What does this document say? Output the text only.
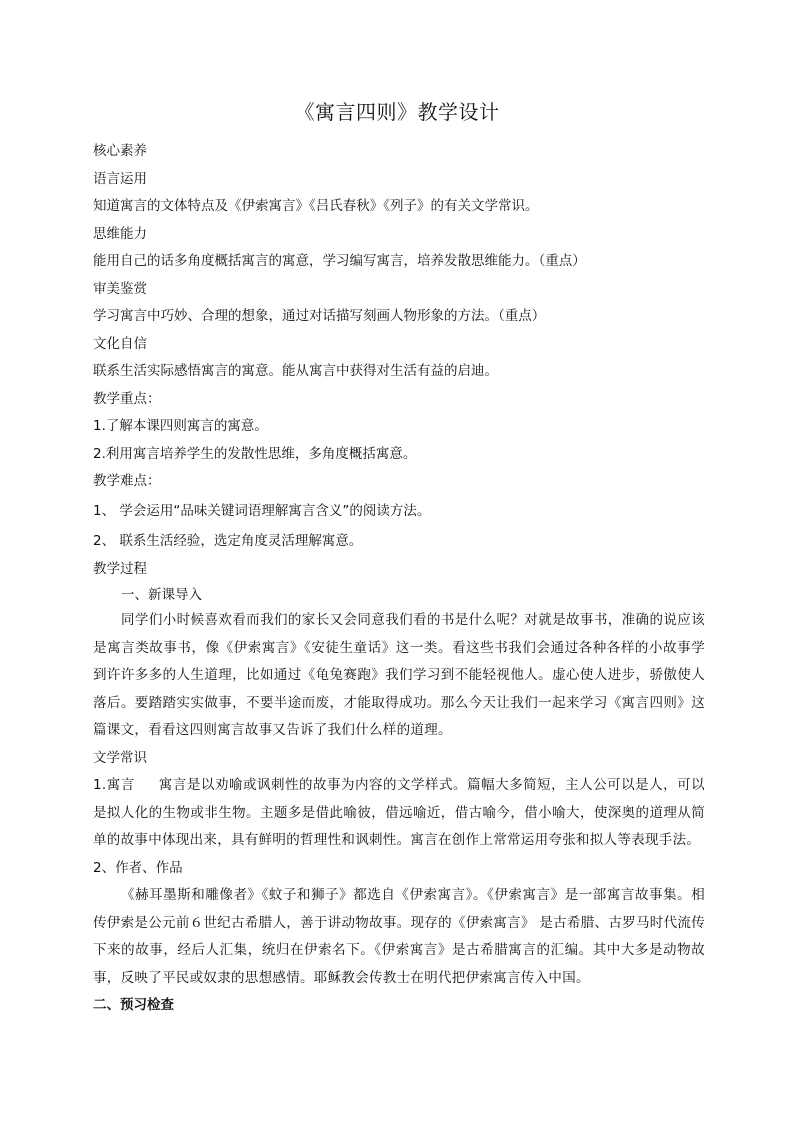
《寓言四则》教学设计
核心素养
语言运用
知道寓言的文体特点及《伊索寓言》《吕氏春秋》《列子》的有关文学常识。
思维能力
能用自己的话多角度概括寓言的寓意，学习编写寓言，培养发散思维能力。（重点）
审美鉴赏
学习寓言中巧妙、合理的想象，通过对话描写刻画人物形象的方法。（重点）
文化自信
联系生活实际感悟寓言的寓意。能从寓言中获得对生活有益的启迪。
教学重点：
1.了解本课四则寓言的寓意。
2.利用寓言培养学生的发散性思维，多角度概括寓意。
教学难点：
1、 学会运用“品味关键词语理解寓言含义”的阅读方法。
2、 联系生活经验，选定角度灵活理解寓意。
教学过程
一、新课导入
同学们小时候喜欢看而我们的家长又会同意我们看的书是什么呢？对就是故事书，准确的说应该是寓言类故事书，像《伊索寓言》《安徒生童话》这一类。看这些书我们会通过各种各样的小故事学到许许多多的人生道理，比如通过《龟兔赛跑》我们学习到不能轻视他人。虚心使人进步，骄傲使人落后。要踏踏实实做事，不要半途而废，才能取得成功。那么今天让我们一起来学习《寓言四则》这篇课文，看看这四则寓言故事又告诉了我们什么样的道理。
文学常识
1.寓言 寓言是以劝喻或讽刺性的故事为内容的文学样式。篇幅大多简短，主人公可以是人，可以是拟人化的生物或非生物。主题多是借此喻彼，借远喻近，借古喻今，借小喻大，使深奥的道理从简单的故事中体现出来，具有鲜明的哲理性和讽刺性。寓言在创作上常常运用夸张和拟人等表现手法。
2、作者、作品
《赫耳墨斯和雕像者》《蚊子和狮子》都选自《伊索寓言》。《伊索寓言》是一部寓言故事集。相传伊索是公元前６世纪古希腊人，善于讲动物故事。现存的《伊索寓言》 是古希腊、古罗马时代流传下来的故事，经后人汇集，统归在伊索名下。《伊索寓言》是古希腊寓言的汇编。其中大多是动物故事，反映了平民或奴隶的思想感情。耶稣教会传教士在明代把伊索寓言传入中国。
二、预习检查
